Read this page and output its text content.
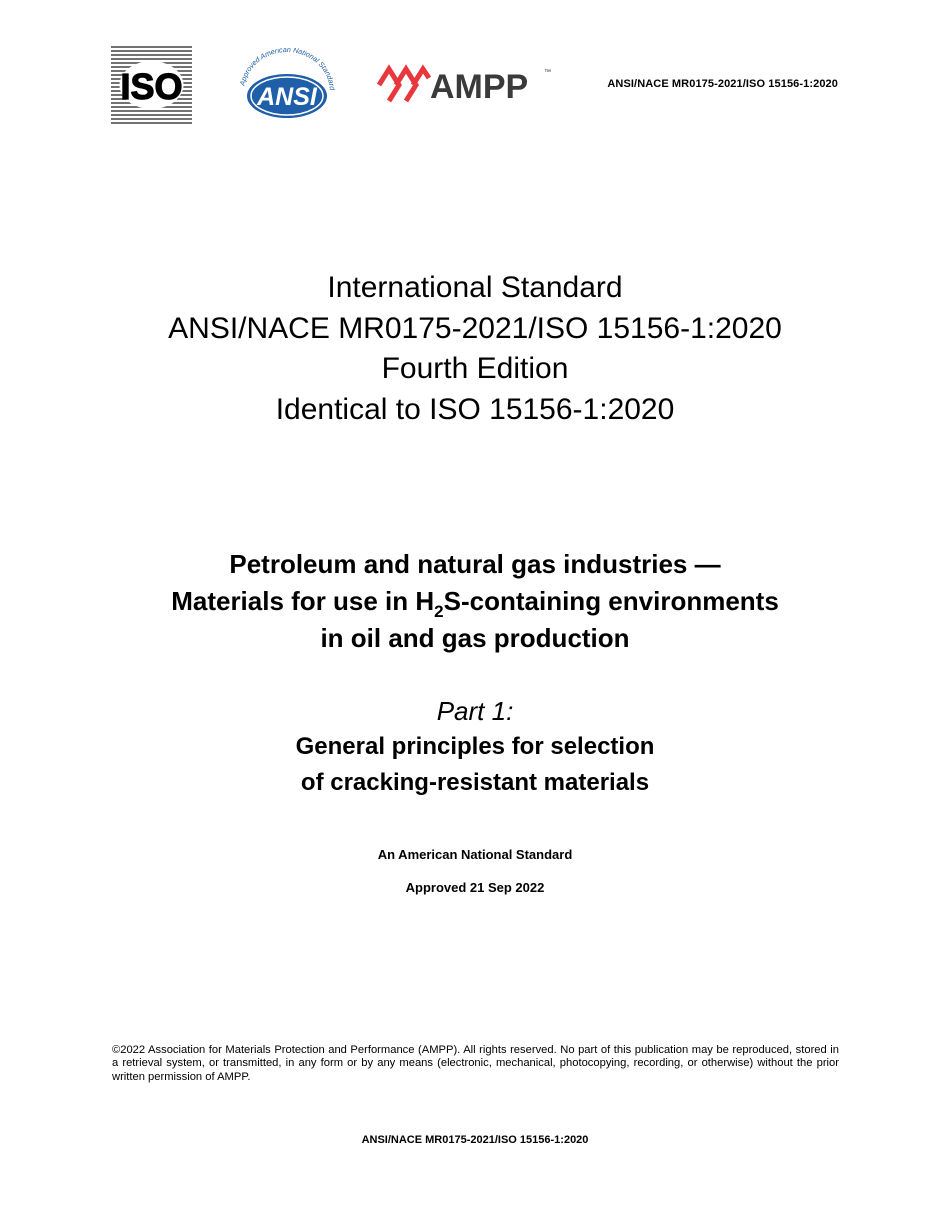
ISO	Approved American National Standard
ANSI	AMPP ™
ANSI/NACE MR0175-2021/ISO 15156-1:2020
International Standard
ANSI/NACE MR0175-2021/ISO 15156-1:2020
Fourth Edition
Identical to ISO 15156-1:2020
Petroleum and natural gas industries —
Materials for use in $H_2S$-containing environments
in oil and gas production
Part 1:
General principles for selection
of cracking-resistant materials
An American National Standard
Approved 21 Sep 2022
©2022 Association for Materials Protection and Performance (AMPP). All rights reserved. No part of this publication may be reproduced, stored in a retrieval system, or transmitted, in any form or by any means (electronic, mechanical, photocopying, recording, or otherwise) without the prior written permission of AMPP.
ANSI/NACE MR0175-2021/ISO 15156-1:2020
